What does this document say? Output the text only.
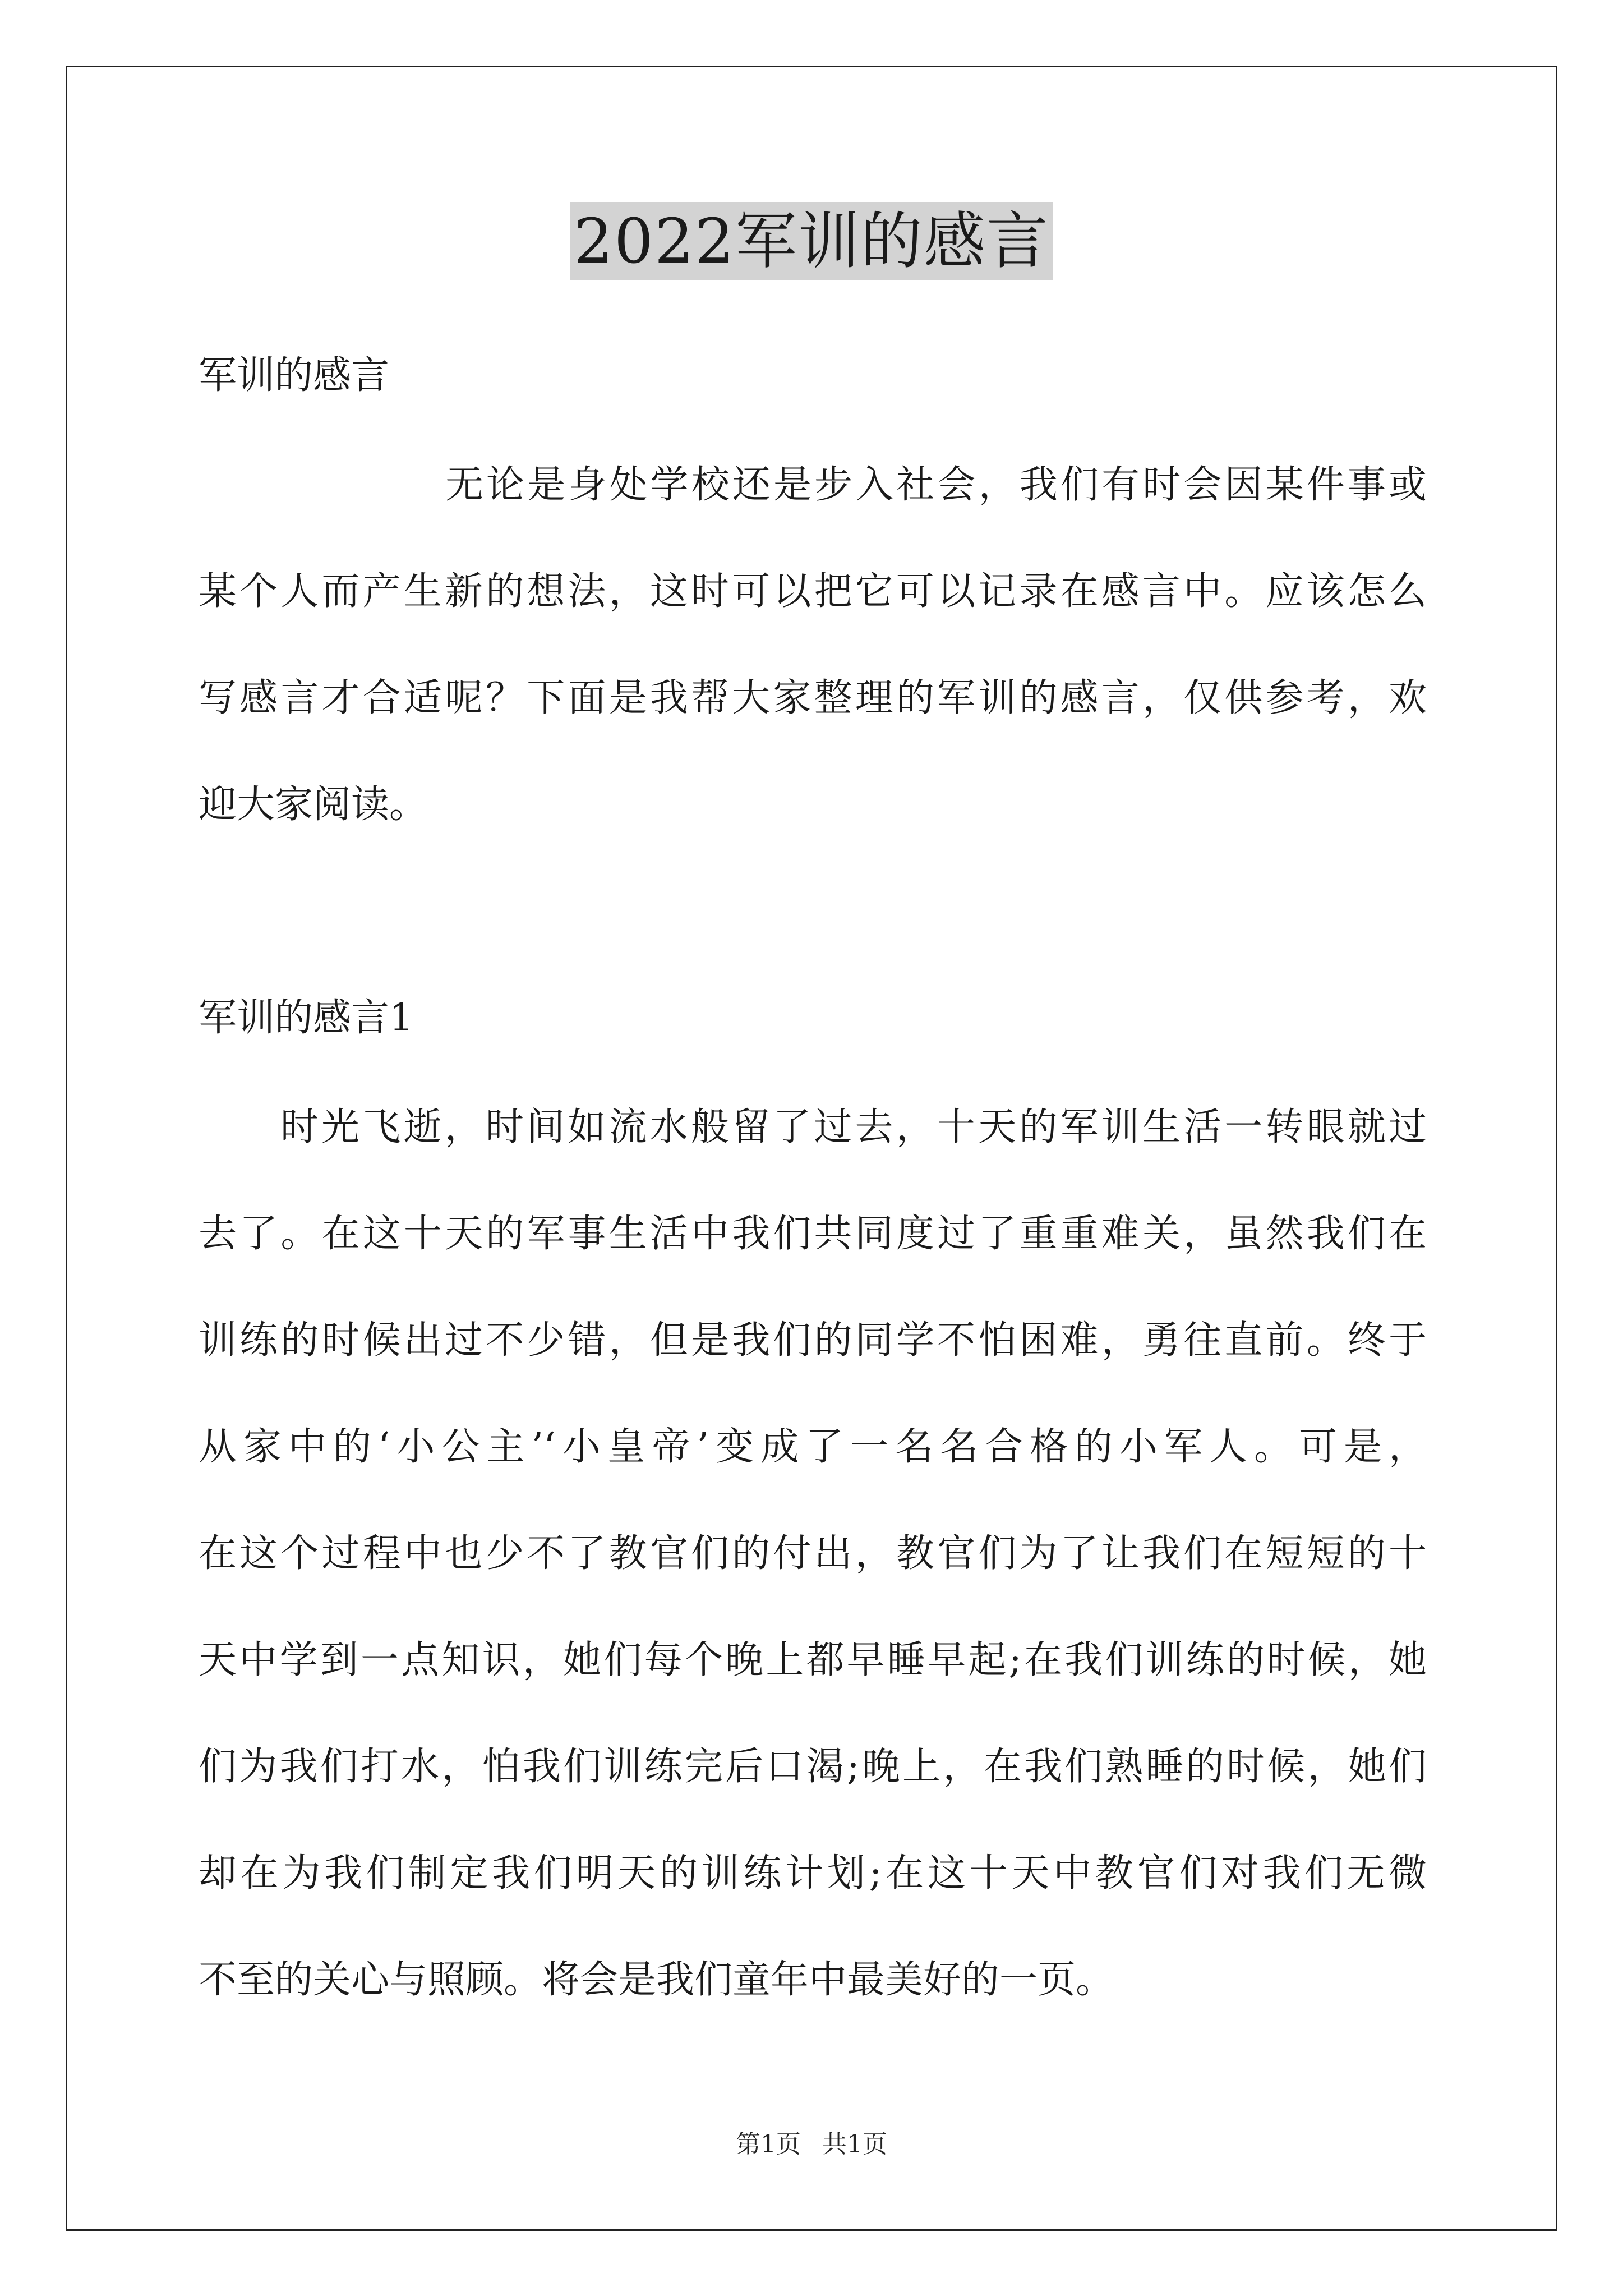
2022军训的感言
军训的感言
无论是身处学校还是步入社会，我们有时会因某件事或
某个人而产生新的想法，这时可以把它可以记录在感言中。应该怎么
写感言才合适呢？下面是我帮大家整理的军训的感言，仅供参考，欢
迎大家阅读。
军训的感言1
时光飞逝，时间如流水般留了过去，十天的军训生活一转眼就过
去了。在这十天的军事生活中我们共同度过了重重难关，虽然我们在
训练的时候出过不少错，但是我们的同学不怕困难，勇往直前。终于
从家中的‘小公主’‘小皇帝’变成了一名名合格的小军人。可是，
在这个过程中也少不了教官们的付出，教官们为了让我们在短短的十
天中学到一点知识，她们每个晚上都早睡早起;在我们训练的时候，她
们为我们打水，怕我们训练完后口渴;晚上，在我们熟睡的时候，她们
却在为我们制定我们明天的训练计划;在这十天中教官们对我们无微
不至的关心与照顾。将会是我们童年中最美好的一页。
第1页 共1页
